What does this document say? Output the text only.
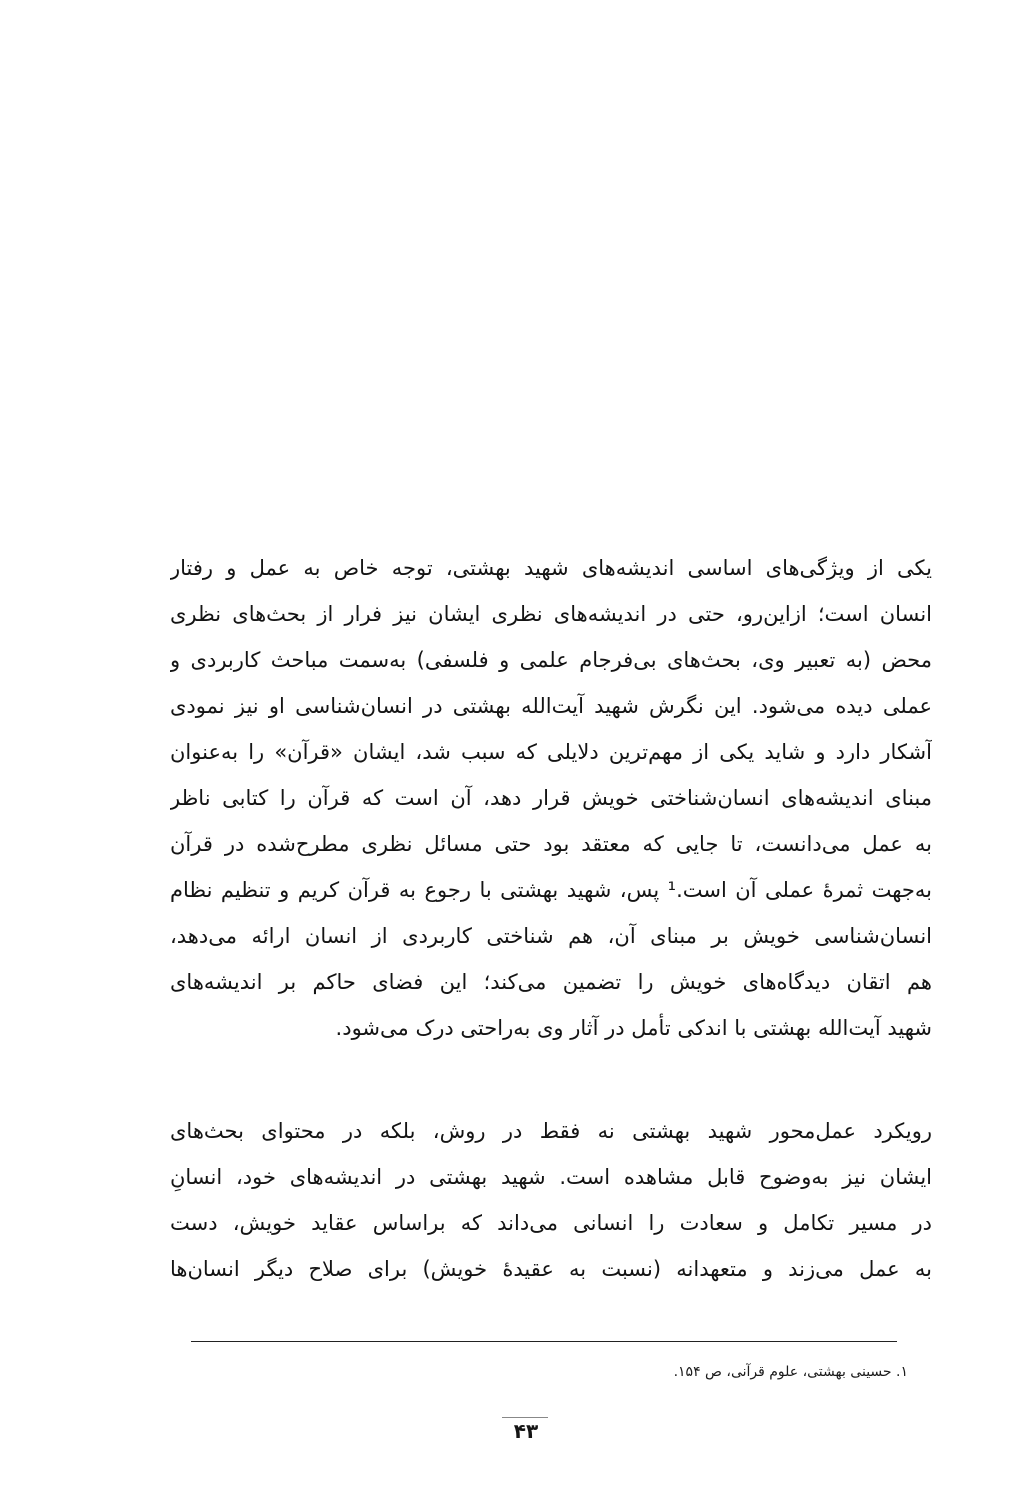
یکی از ویژگی‌های اساسی اندیشه‌های شهید بهشتی، توجه خاص به عمل و رفتار
انسان است؛ ازاین‌رو، حتی در اندیشه‌های نظری ایشان نیز فرار از بحث‌های نظری
محض (به تعبیر وی، بحث‌های بی‌فرجام علمی و فلسفی) به‌سمت مباحث کاربردی و
عملی دیده می‌شود. این نگرش شهید آیت‌الله بهشتی در انسان‌شناسی او نیز نمودی
آشکار دارد و شاید یکی از مهم‌ترین دلایلی که سبب شد، ایشان «قرآن» را به‌عنوان
مبنای اندیشه‌های انسان‌شناختی خویش قرار دهد، آن است که قرآن را کتابی ناظر
به عمل می‌دانست، تا جایی که معتقد بود حتی مسائل نظری مطرح‌شده در قرآن
به‌جهت ثمرهٔ عملی آن است.¹ پس، شهید بهشتی با رجوع به قرآن کریم و تنظیم نظام
انسان‌شناسی خویش بر مبنای آن، هم شناختی کاربردی از انسان ارائه می‌دهد،
هم اتقان دیدگاه‌های خویش را تضمین می‌کند؛ این فضای حاکم بر اندیشه‌های
شهید آیت‌الله بهشتی با اندکی تأمل در آثار وی به‌راحتی درک می‌شود.
رویکرد عمل‌محور شهید بهشتی نه فقط در روش، بلکه در محتوای بحث‌های
ایشان نیز به‌وضوح قابل مشاهده است. شهید بهشتی در اندیشه‌های خود، انسانِ
در مسیر تکامل و سعادت را انسانی می‌داند که براساس عقاید خویش، دست
به عمل می‌زند و متعهدانه (نسبت به عقیدهٔ خویش) برای صلاح دیگر انسان‌ها
۱. حسینی بهشتی، علوم قرآنی، ص ۱۵۴.
۴۳
